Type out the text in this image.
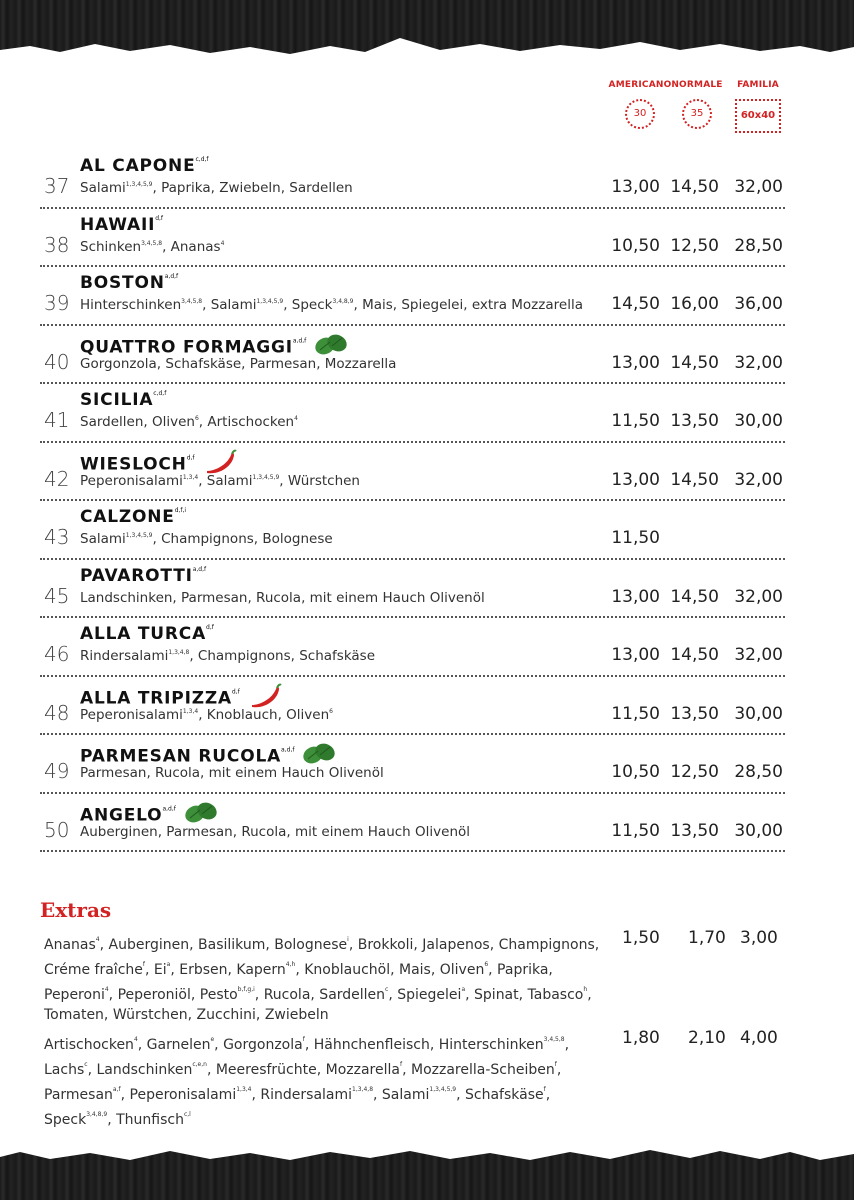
AMERICANO
30
NORMALE
35
FAMILIA
60x40
37
AL CAPONE$^{c,d,f}$
Salami$^{1,3,4,5,9}$, Paprika, Zwiebeln, Sardellen	13,00 14,50 32,00
38
HAWAII$^{d,f}$
Schinken$^{3,4,5,8}$, Ananas$^4$	10,50 12,50 28,50
39
BOSTON$^{a,d,f}$
Hinterschinken$^{3,4,5,8}$, Salami$^{1,3,4,5,9}$, Speck$^{3,4,8,9}$, Mais, Spiegelei, extra Mozzarella 14,50 16,00 36,00
40
QUATTRO FORMAGGI$^{a,d,f}$
Gorgonzola, Schafskäse, Parmesan, Mozzarella	13,00 14,50 32,00
41
SICILIA$^{c,d,f}$
Sardellen, Oliven$^6$, Artischocken$^4$	11,50 13,50 30,00
42
WIESLOCH$^{d,f}$
Peperonisalami$^{1,3,4}$, Salami$^{1,3,4,5,9}$, Würstchen	13,00 14,50 32,00
43
CALZONE$^{d,f,i}$
Salami$^{1,3,4,5,9}$, Champignons, Bolognese	11,50
45
PAVAROTTI$^{a,d,f}$
Landschinken, Parmesan, Rucola, mit einem Hauch Olivenöl	13,00 14,50 32,00
46
ALLA TURCA$^{d,f}$
Rindersalami$^{1,3,4,8}$, Champignons, Schafskäse	13,00 14,50 32,00
48
ALLA TRIPIZZA$^{d,f}$
Peperonisalami$^{1,3,4}$, Knoblauch, Oliven$^6$	11,50 13,50 30,00
49
PARMESAN RUCOLA$^{a,d,f}$
Parmesan, Rucola, mit einem Hauch Olivenöl	10,50 12,50 28,50
50
ANGELO$^{a,d,f}$
Auberginen, Parmesan, Rucola, mit einem Hauch Olivenöl	11,50 13,50 30,00
Extras
Ananas$^4$, Auberginen, Basilikum, Bolognese$^i$, Brokkoli, Jalapenos, Champignons, Créme fraîche$^f$, Ei$^a$, Erbsen, Kapern$^{4,h}$, Knoblauchöl, Mais, Oliven$^6$, Paprika, Peperoni$^4$, Peperoniöl, Pesto$^{b,f,g,i}$, Rucola, Sardellen$^c$, Spiegelei$^a$, Spinat, Tabasco$^h$, Tomaten, Würstchen, Zucchini, Zwiebeln
Artischocken$^4$, Garnelen$^e$, Gorgonzola$^f$, Hähnchenfleisch, Hinterschinken$^{3,4,5,8}$, Lachs$^c$, Landschinken$^{c,e,n}$, Meeresfrüchte, Mozzarella$^f$, Mozzarella-Scheiben$^f$, Parmesan$^{a,f}$, Peperonisalami$^{1,3,4}$, Rindersalami$^{1,3,4,8}$, Salami$^{1,3,4,5,9}$, Schafskäse$^f$, Speck$^{3,4,8,9}$, Thunfisch$^{c,l}$
1,50 1,70 3,00
1,80 2,10 4,00
